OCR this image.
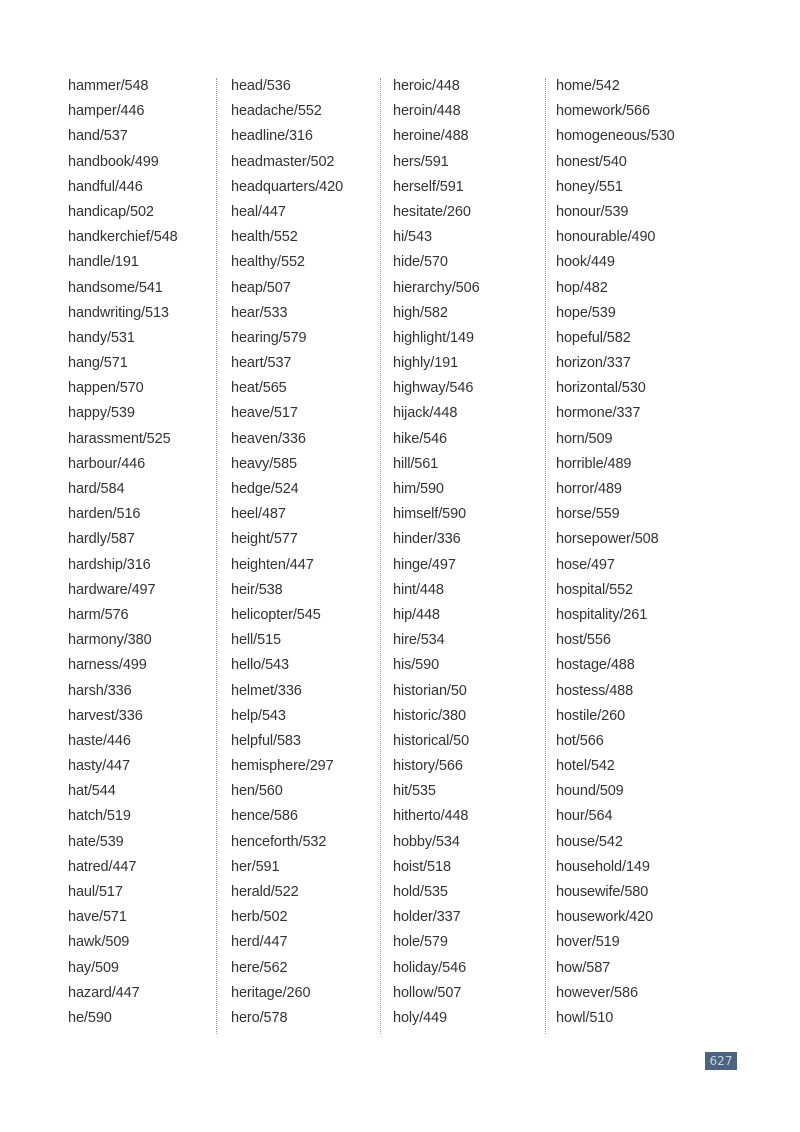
hammer/548
hamper/446
hand/537
handbook/499
handful/446
handicap/502
handkerchief/548
handle/191
handsome/541
handwriting/513
handy/531
hang/571
happen/570
happy/539
harassment/525
harbour/446
hard/584
harden/516
hardly/587
hardship/316
hardware/497
harm/576
harmony/380
harness/499
harsh/336
harvest/336
haste/446
hasty/447
hat/544
hatch/519
hate/539
hatred/447
haul/517
have/571
hawk/509
hay/509
hazard/447
he/590
head/536
headache/552
headline/316
headmaster/502
headquarters/420
heal/447
health/552
healthy/552
heap/507
hear/533
hearing/579
heart/537
heat/565
heave/517
heaven/336
heavy/585
hedge/524
heel/487
height/577
heighten/447
heir/538
helicopter/545
hell/515
hello/543
helmet/336
help/543
helpful/583
hemisphere/297
hen/560
hence/586
henceforth/532
her/591
herald/522
herb/502
herd/447
here/562
heritage/260
hero/578
heroic/448
heroin/448
heroine/488
hers/591
herself/591
hesitate/260
hi/543
hide/570
hierarchy/506
high/582
highlight/149
highly/191
highway/546
hijack/448
hike/546
hill/561
him/590
himself/590
hinder/336
hinge/497
hint/448
hip/448
hire/534
his/590
historian/50
historic/380
historical/50
history/566
hit/535
hitherto/448
hobby/534
hoist/518
hold/535
holder/337
hole/579
holiday/546
hollow/507
holy/449
home/542
homework/566
homogeneous/530
honest/540
honey/551
honour/539
honourable/490
hook/449
hop/482
hope/539
hopeful/582
horizon/337
horizontal/530
hormone/337
horn/509
horrible/489
horror/489
horse/559
horsepower/508
hose/497
hospital/552
hospitality/261
host/556
hostage/488
hostess/488
hostile/260
hot/566
hotel/542
hound/509
hour/564
house/542
household/149
housewife/580
housework/420
hover/519
how/587
however/586
howl/510
627
